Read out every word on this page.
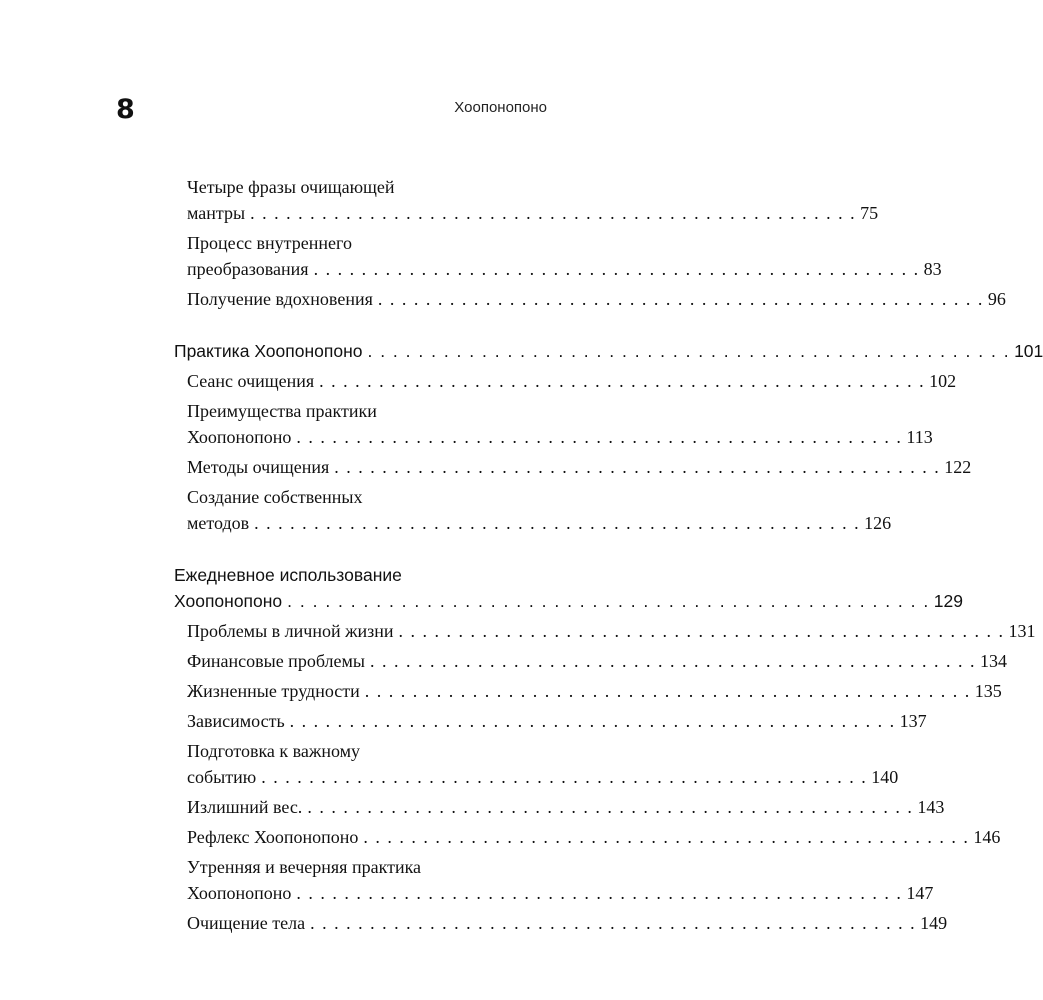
8	Хоопонопоно
Четыре фразы очищающей
мантры . . . . . . . . . . . . . . . . . . . . . . . . . . . . . . . . . . . . . . . . . . . . . . . . . . . 75
Процесс внутреннего
преобразования . . . . . . . . . . . . . . . . . . . . . . . . . . . . . . . . . . . . . . . . . . . . . . . . . . . 83
Получение вдохновения . . . . . . . . . . . . . . . . . . . . . . . . . . . . . . . . . . . . . . . . . . . . . . . . . . . 96
Практика Хоопонопоно . . . . . . . . . . . . . . . . . . . . . . . . . . . . . . . . . . . . . . . . . . . . . . . . . . . 101
Сеанс очищения . . . . . . . . . . . . . . . . . . . . . . . . . . . . . . . . . . . . . . . . . . . . . . . . . . . 102
Преимущества практики
Хоопонопоно . . . . . . . . . . . . . . . . . . . . . . . . . . . . . . . . . . . . . . . . . . . . . . . . . . . 113
Методы очищения . . . . . . . . . . . . . . . . . . . . . . . . . . . . . . . . . . . . . . . . . . . . . . . . . . . 122
Создание собственных
методов . . . . . . . . . . . . . . . . . . . . . . . . . . . . . . . . . . . . . . . . . . . . . . . . . . . 126
Ежедневное использование
Хоопонопоно . . . . . . . . . . . . . . . . . . . . . . . . . . . . . . . . . . . . . . . . . . . . . . . . . . . 129
Проблемы в личной жизни . . . . . . . . . . . . . . . . . . . . . . . . . . . . . . . . . . . . . . . . . . . . . . . . . . . 131
Финансовые проблемы . . . . . . . . . . . . . . . . . . . . . . . . . . . . . . . . . . . . . . . . . . . . . . . . . . . 134
Жизненные трудности . . . . . . . . . . . . . . . . . . . . . . . . . . . . . . . . . . . . . . . . . . . . . . . . . . . 135
Зависимость . . . . . . . . . . . . . . . . . . . . . . . . . . . . . . . . . . . . . . . . . . . . . . . . . . . 137
Подготовка к важному
событию . . . . . . . . . . . . . . . . . . . . . . . . . . . . . . . . . . . . . . . . . . . . . . . . . . . 140
Излишний вес. . . . . . . . . . . . . . . . . . . . . . . . . . . . . . . . . . . . . . . . . . . . . . . . . . . . 143
Рефлекс Хоопонопоно . . . . . . . . . . . . . . . . . . . . . . . . . . . . . . . . . . . . . . . . . . . . . . . . . . . 146
Утренняя и вечерняя практика
Хоопонопоно . . . . . . . . . . . . . . . . . . . . . . . . . . . . . . . . . . . . . . . . . . . . . . . . . . . 147
Очищение тела . . . . . . . . . . . . . . . . . . . . . . . . . . . . . . . . . . . . . . . . . . . . . . . . . . . 149
